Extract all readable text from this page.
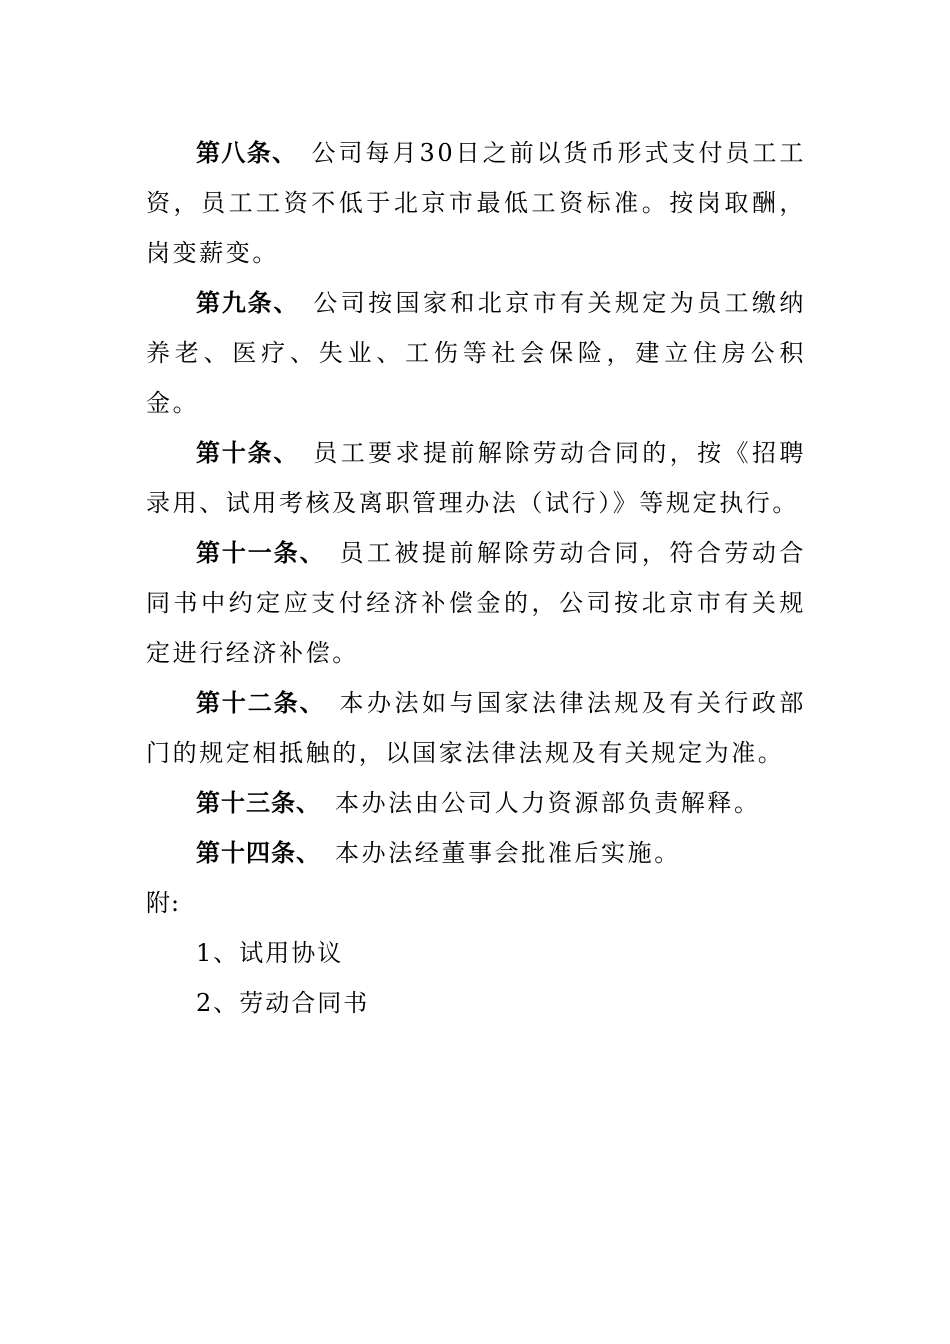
第八条、 公司每月30日之前以货币形式支付员工工资，员工工资不低于北京市最低工资标准。按岗取酬，岗变薪变。

第九条、 公司按国家和北京市有关规定为员工缴纳养老、医疗、失业、工伤等社会保险，建立住房公积金。

第十条、 员工要求提前解除劳动合同的，按《招聘录用、试用考核及离职管理办法（试行）》等规定执行。

第十一条、 员工被提前解除劳动合同，符合劳动合同书中约定应支付经济补偿金的，公司按北京市有关规定进行经济补偿。

第十二条、 本办法如与国家法律法规及有关行政部门的规定相抵触的，以国家法律法规及有关规定为准。

第十三条、 本办法由公司人力资源部负责解释。

第十四条、 本办法经董事会批准后实施。

附:

1、试用协议

2、劳动合同书
